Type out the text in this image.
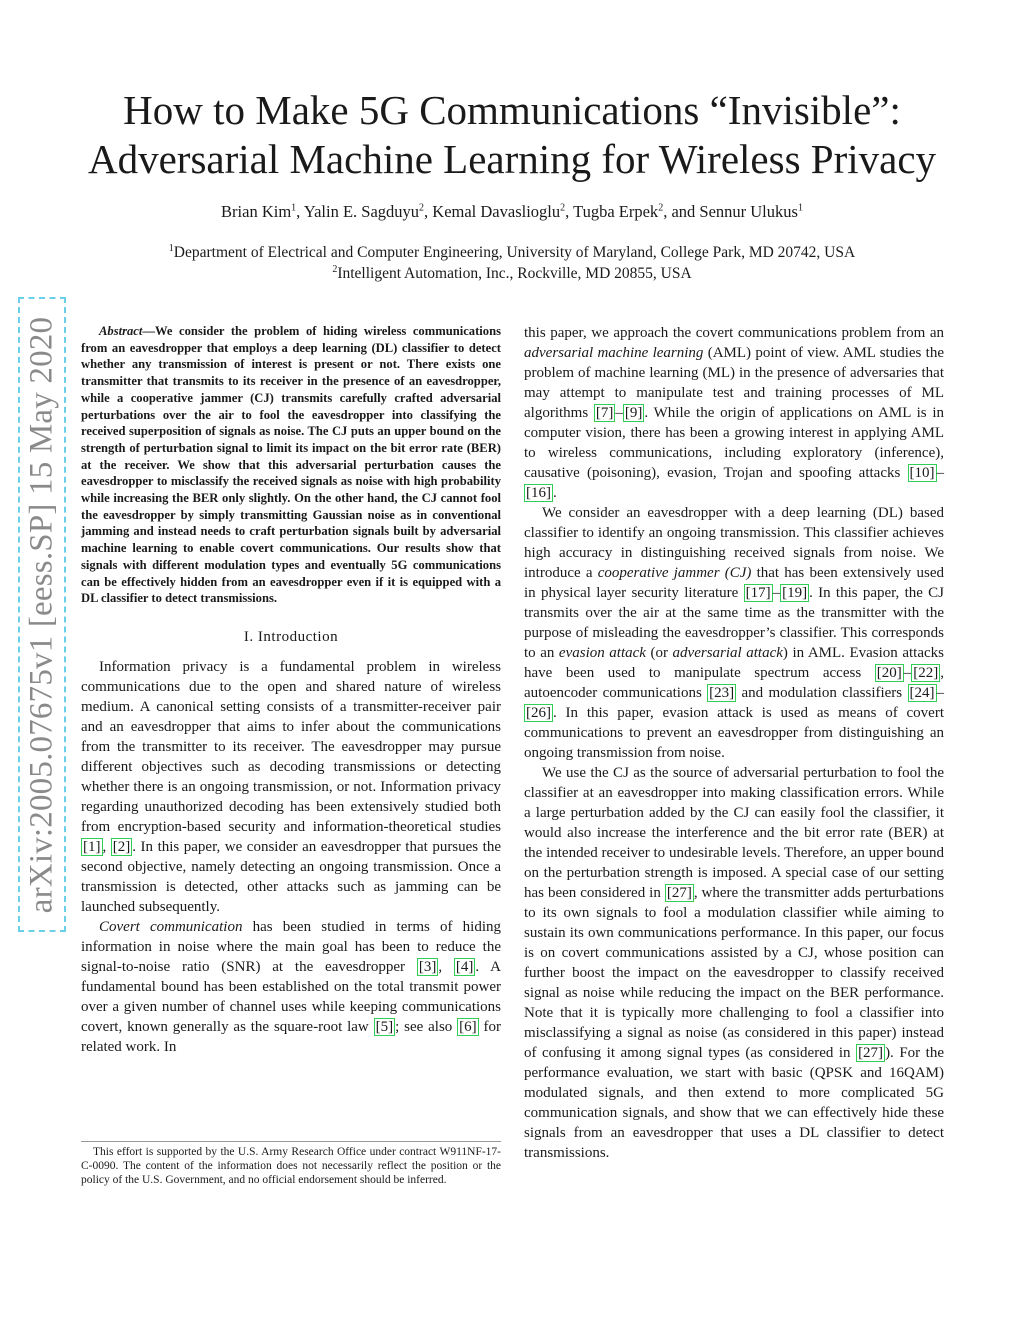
arXiv:2005.07675v1 [eess.SP] 15 May 2020
How to Make 5G Communications “Invisible”:
Adversarial Machine Learning for Wireless Privacy
Brian Kim$^1$, Yalin E. Sagduyu$^2$, Kemal Davaslioglu$^2$, Tugba Erpek$^2$, and Sennur Ulukus$^1$
$^1$Department of Electrical and Computer Engineering, University of Maryland, College Park, MD 20742, USA
$^2$Intelligent Automation, Inc., Rockville, MD 20855, USA

Abstract—We consider the problem of hiding wireless communications from an eavesdropper that employs a deep learning (DL) classifier to detect whether any transmission of interest is present or not. There exists one transmitter that transmits to its receiver in the presence of an eavesdropper, while a cooperative jammer (CJ) transmits carefully crafted adversarial perturbations over the air to fool the eavesdropper into classifying the received superposition of signals as noise. The CJ puts an upper bound on the strength of perturbation signal to limit its impact on the bit error rate (BER) at the receiver. We show that this adversarial perturbation causes the eavesdropper to misclassify the received signals as noise with high probability while increasing the BER only slightly. On the other hand, the CJ cannot fool the eavesdropper by simply transmitting Gaussian noise as in conventional jamming and instead needs to craft perturbation signals built by adversarial machine learning to enable covert communications. Our results show that signals with different modulation types and eventually 5G communications can be effectively hidden from an eavesdropper even if it is equipped with a DL classifier to detect transmissions.

I. Introduction

Information privacy is a fundamental problem in wireless communications due to the open and shared nature of wireless medium. A canonical setting consists of a transmitter-receiver pair and an eavesdropper that aims to infer about the communications from the transmitter to its receiver. The eavesdropper may pursue different objectives such as decoding transmissions or detecting whether there is an ongoing transmission, or not. Information privacy regarding unauthorized decoding has been extensively studied both from encryption-based security and information-theoretical studies [1] , [2] . In this paper, we consider an eavesdropper that pursues the second objective, namely detecting an ongoing transmission. Once a transmission is detected, other attacks such as jamming can be launched subsequently.

Covert communication has been studied in terms of hiding information in noise where the main goal has been to reduce the signal-to-noise ratio (SNR) at the eavesdropper [3] , [4] . A fundamental bound has been established on the total transmit power over a given number of channel uses while keeping communications covert, known generally as the square-root law [5] ; see also [6] for related work. In

This effort is supported by the U.S. Army Research Office under contract W911NF-17-C-0090. The content of the information does not necessarily reflect the position or the policy of the U.S. Government, and no official endorsement should be inferred.

this paper, we approach the covert communications problem from an adversarial machine learning (AML) point of view. AML studies the problem of machine learning (ML) in the presence of adversaries that may attempt to manipulate test and training processes of ML algorithms [7] – [9] . While the origin of applications on AML is in computer vision, there has been a growing interest in applying AML to wireless communications, including exploratory (inference), causative (poisoning), evasion, Trojan and spoofing attacks [10] –[16] .

We consider an eavesdropper with a deep learning (DL) based classifier to identify an ongoing transmission. This classifier achieves high accuracy in distinguishing received signals from noise. We introduce a cooperative jammer (CJ) that has been extensively used in physical layer security literature [17] – [19] . In this paper, the CJ transmits over the air at the same time as the transmitter with the purpose of misleading the eavesdropper’s classifier. This corresponds to an evasion attack (or adversarial attack) in AML. Evasion attacks have been used to manipulate spectrum access [20] – [22] , autoencoder communications [23] and modulation classifiers [24] –[26] . In this paper, evasion attack is used as means of covert communications to prevent an eavesdropper from distinguishing an ongoing transmission from noise.

We use the CJ as the source of adversarial perturbation to fool the classifier at an eavesdropper into making classification errors. While a large perturbation added by the CJ can easily fool the classifier, it would also increase the interference and the bit error rate (BER) at the intended receiver to undesirable levels. Therefore, an upper bound on the perturbation strength is imposed. A special case of our setting has been considered in [27] , where the transmitter adds perturbations to its own signals to fool a modulation classifier while aiming to sustain its own communications performance. In this paper, our focus is on covert communications assisted by a CJ, whose position can further boost the impact on the eavesdropper to classify received signal as noise while reducing the impact on the BER performance. Note that it is typically more challenging to fool a classifier into misclassifying a signal as noise (as considered in this paper) instead of confusing it among signal types (as considered in [27] ). For the performance evaluation, we start with basic (QPSK and 16QAM) modulated signals, and then extend to more complicated 5G communication signals, and show that we can effectively hide these signals from an eavesdropper that uses a DL classifier to detect transmissions.
